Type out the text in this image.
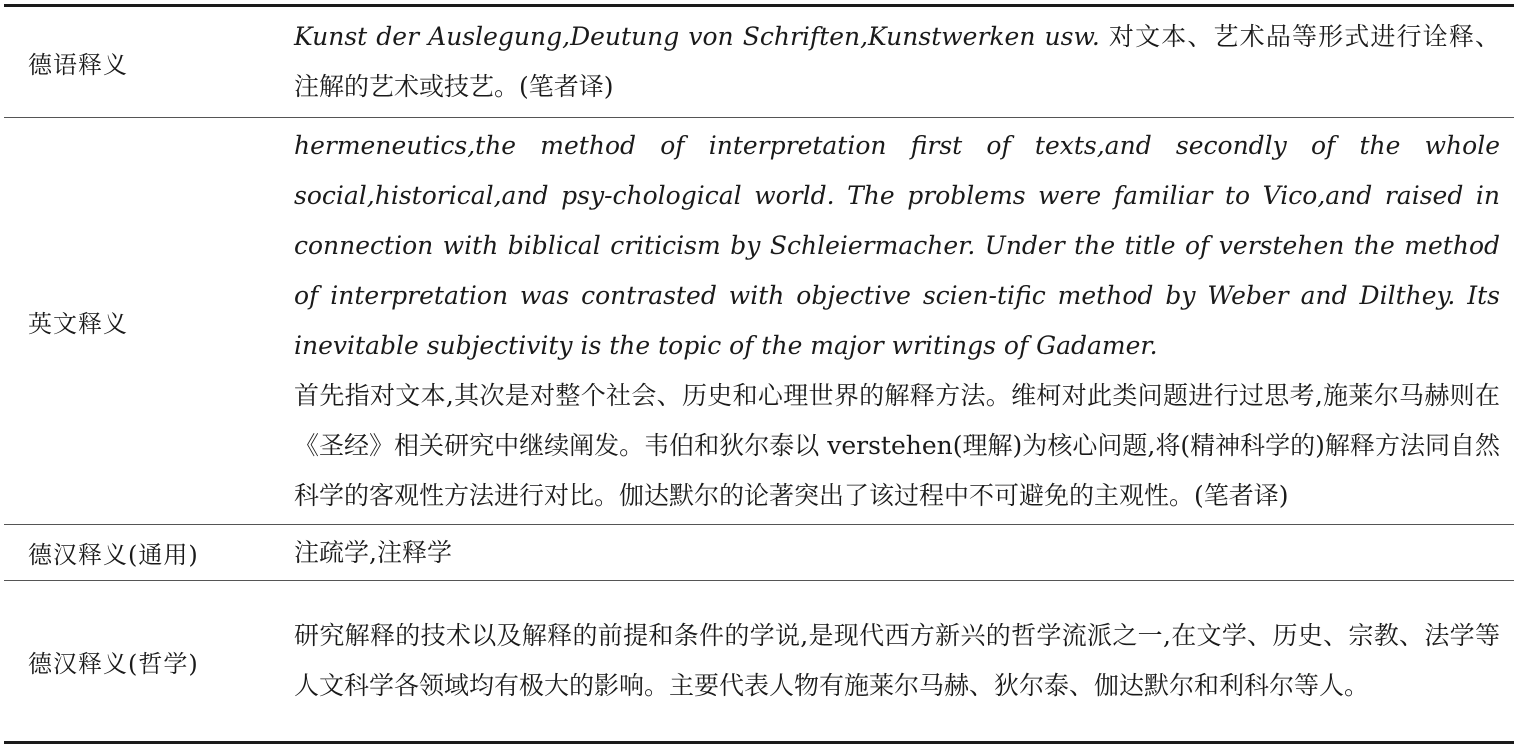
德语释义
Kunst der Auslegung,Deutung von Schriften,Kunstwerken usw. 对文本、艺术品等形式进行诠释、注解的艺术或技艺。(笔者译)
英文释义
hermeneutics,the method of interpretation first of texts,and secondly of the whole social,historical,and psy-chological world. The problems were familiar to Vico,and raised in connection with biblical criticism by Schleiermacher. Under the title of verstehen the method of interpretation was contrasted with objective scien-tific method by Weber and Dilthey. Its inevitable subjectivity is the topic of the major writings of Gadamer.
首先指对文本,其次是对整个社会、历史和心理世界的解释方法。维柯对此类问题进行过思考,施莱尔马赫则在《圣经》相关研究中继续阐发。韦伯和狄尔泰以 verstehen(理解)为核心问题,将(精神科学的)解释方法同自然科学的客观性方法进行对比。伽达默尔的论著突出了该过程中不可避免的主观性。(笔者译)
德汉释义(通用)	注疏学,注释学
德汉释义(哲学)
研究解释的技术以及解释的前提和条件的学说,是现代西方新兴的哲学流派之一,在文学、历史、宗教、法学等人文科学各领域均有极大的影响。主要代表人物有施莱尔马赫、狄尔泰、伽达默尔和利科尔等人。
